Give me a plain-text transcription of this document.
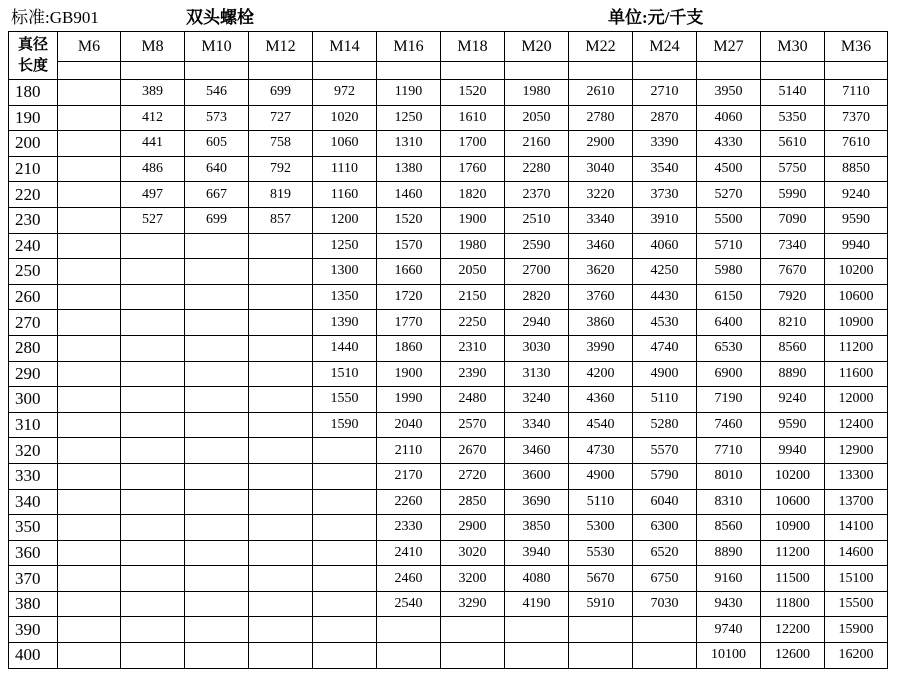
标准:GB901	双头螺栓	单位:元/千支
真径
长度	M6	M8	M10	M12	M14	M16	M18	M20	M22	M24	M27	M30	M36

180		389	546	699	972	1190	1520	1980	2610	2710	3950	5140	7110
190		412	573	727	1020	1250	1610	2050	2780	2870	4060	5350	7370
200		441	605	758	1060	1310	1700	2160	2900	3390	4330	5610	7610
210		486	640	792	1110	1380	1760	2280	3040	3540	4500	5750	8850
220		497	667	819	1160	1460	1820	2370	3220	3730	5270	5990	9240
230		527	699	857	1200	1520	1900	2510	3340	3910	5500	7090	9590
240					1250	1570	1980	2590	3460	4060	5710	7340	9940
250					1300	1660	2050	2700	3620	4250	5980	7670	10200
260					1350	1720	2150	2820	3760	4430	6150	7920	10600
270					1390	1770	2250	2940	3860	4530	6400	8210	10900
280					1440	1860	2310	3030	3990	4740	6530	8560	11200
290					1510	1900	2390	3130	4200	4900	6900	8890	11600
300					1550	1990	2480	3240	4360	5110	7190	9240	12000
310					1590	2040	2570	3340	4540	5280	7460	9590	12400
320						2110	2670	3460	4730	5570	7710	9940	12900
330						2170	2720	3600	4900	5790	8010	10200	13300
340						2260	2850	3690	5110	6040	8310	10600	13700
350						2330	2900	3850	5300	6300	8560	10900	14100
360						2410	3020	3940	5530	6520	8890	11200	14600
370						2460	3200	4080	5670	6750	9160	11500	15100
380						2540	3290	4190	5910	7030	9430	11800	15500
390											9740	12200	15900
400											10100	12600	16200
